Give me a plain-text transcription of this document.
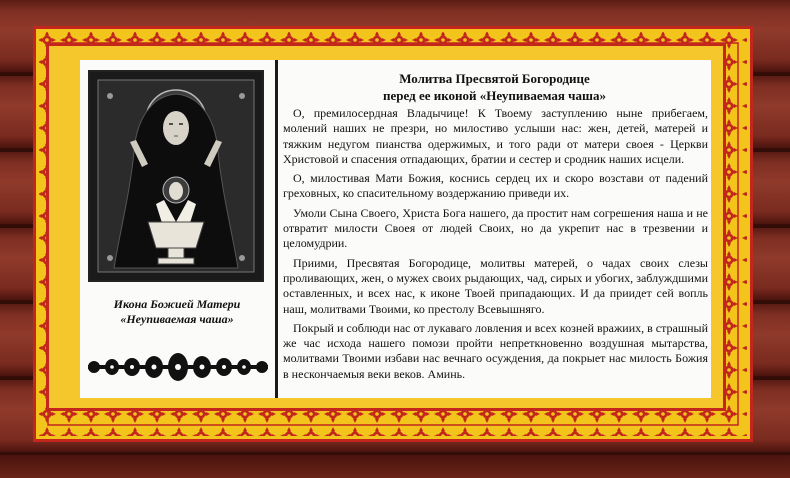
Икона Божией Матери
«Неупиваемая чаша»
Молитва Пресвятой Богородице
перед ее иконой «Неупиваемая чаша»

О, премилосердная Владычице! К Твоему заступлению ныне прибегаем, молений наших не презри, но милостиво услыши нас: жен, детей, матерей и тяжким недугом пианства одержимых, и того ради от матери своея - Церкви Христовой и спасения отпадающих, братии и сестер и сродник наших исцели.

О, милостивая Мати Божия, коснись сердец их и скоро возстави от падений греховных, ко спасительному воздержанию приведи их.

Умоли Сына Своего, Христа Бога нашего, да простит нам согрешения наша и не отвратит милости Своея от людей Своих, но да укрепит нас в трезвении и целомудрии.

Приими, Пресвятая Богородице, молитвы матерей, о чадах своих слезы проливающих, жен, о мужех своих рыдающих, чад, сирых и убогих, заблуждшими оставленных, и всех нас, к иконе Твоей припадающих. И да приидет сей вопль наш, молитвами Твоими, ко престолу Всевышняго.

Покрый и соблюди нас от лукаваго ловления и всех козней вражиих, в страшный же час исхода нашего помози пройти непреткновенно воздушная мытарства, молитвами Твоими избави нас вечнаго осуждения, да покрыет нас милость Божия в нескончаемыя веки веков. Аминь.
